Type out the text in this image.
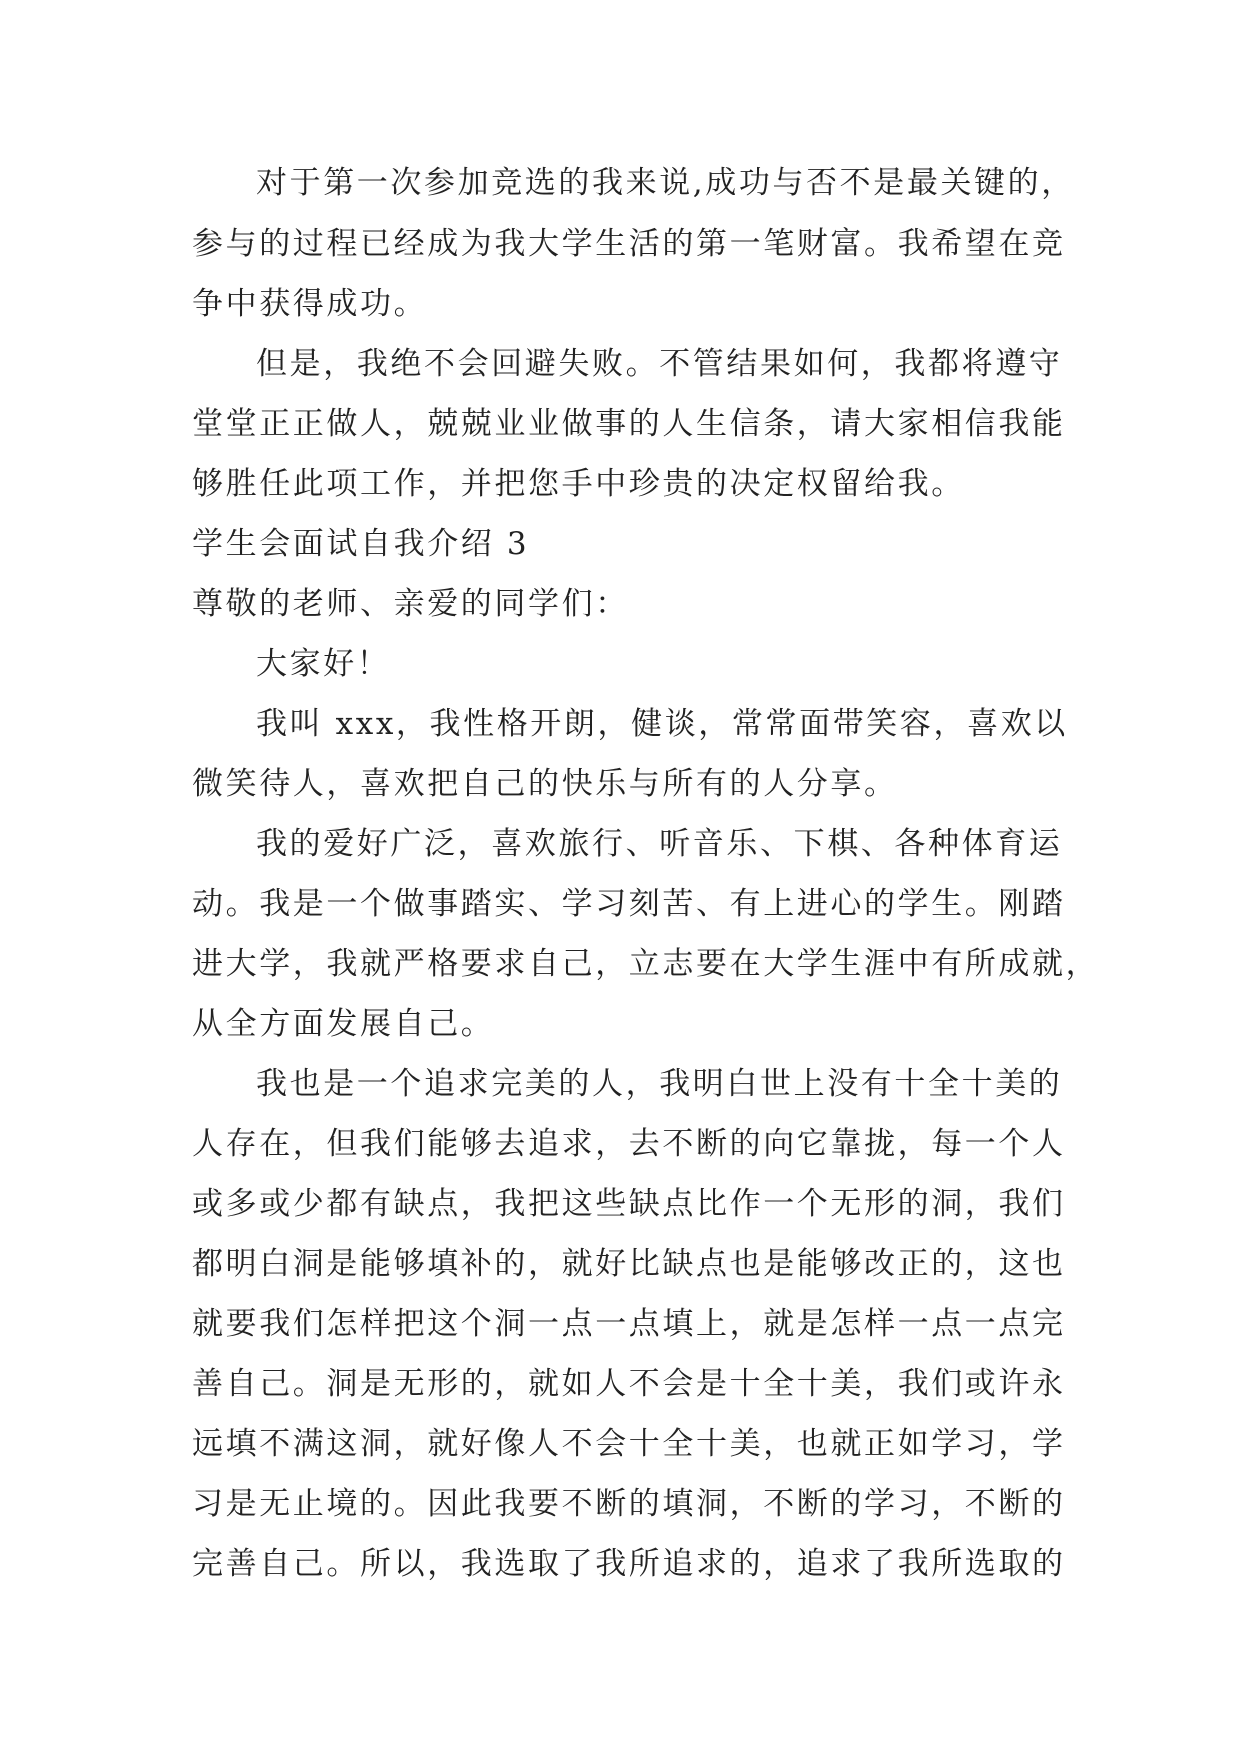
对于第一次参加竞选的我来说,成功与否不是最关键的，
参与的过程已经成为我大学生活的第一笔财富。我希望在竞
争中获得成功。
但是，我绝不会回避失败。不管结果如何，我都将遵守
堂堂正正做人，兢兢业业做事的人生信条，请大家相信我能
够胜任此项工作，并把您手中珍贵的决定权留给我。
学生会面试自我介绍 3
尊敬的老师、亲爱的同学们：
大家好！
我叫 xxx，我性格开朗，健谈，常常面带笑容，喜欢以
微笑待人，喜欢把自己的快乐与所有的人分享。
我的爱好广泛，喜欢旅行、听音乐、下棋、各种体育运
动。我是一个做事踏实、学习刻苦、有上进心的学生。刚踏
进大学，我就严格要求自己，立志要在大学生涯中有所成就，
从全方面发展自己。
我也是一个追求完美的人，我明白世上没有十全十美的
人存在，但我们能够去追求，去不断的向它靠拢，每一个人
或多或少都有缺点，我把这些缺点比作一个无形的洞，我们
都明白洞是能够填补的，就好比缺点也是能够改正的，这也
就要我们怎样把这个洞一点一点填上，就是怎样一点一点完
善自己。洞是无形的，就如人不会是十全十美，我们或许永
远填不满这洞，就好像人不会十全十美，也就正如学习，学
习是无止境的。因此我要不断的填洞，不断的学习，不断的
完善自己。所以，我选取了我所追求的，追求了我所选取的
